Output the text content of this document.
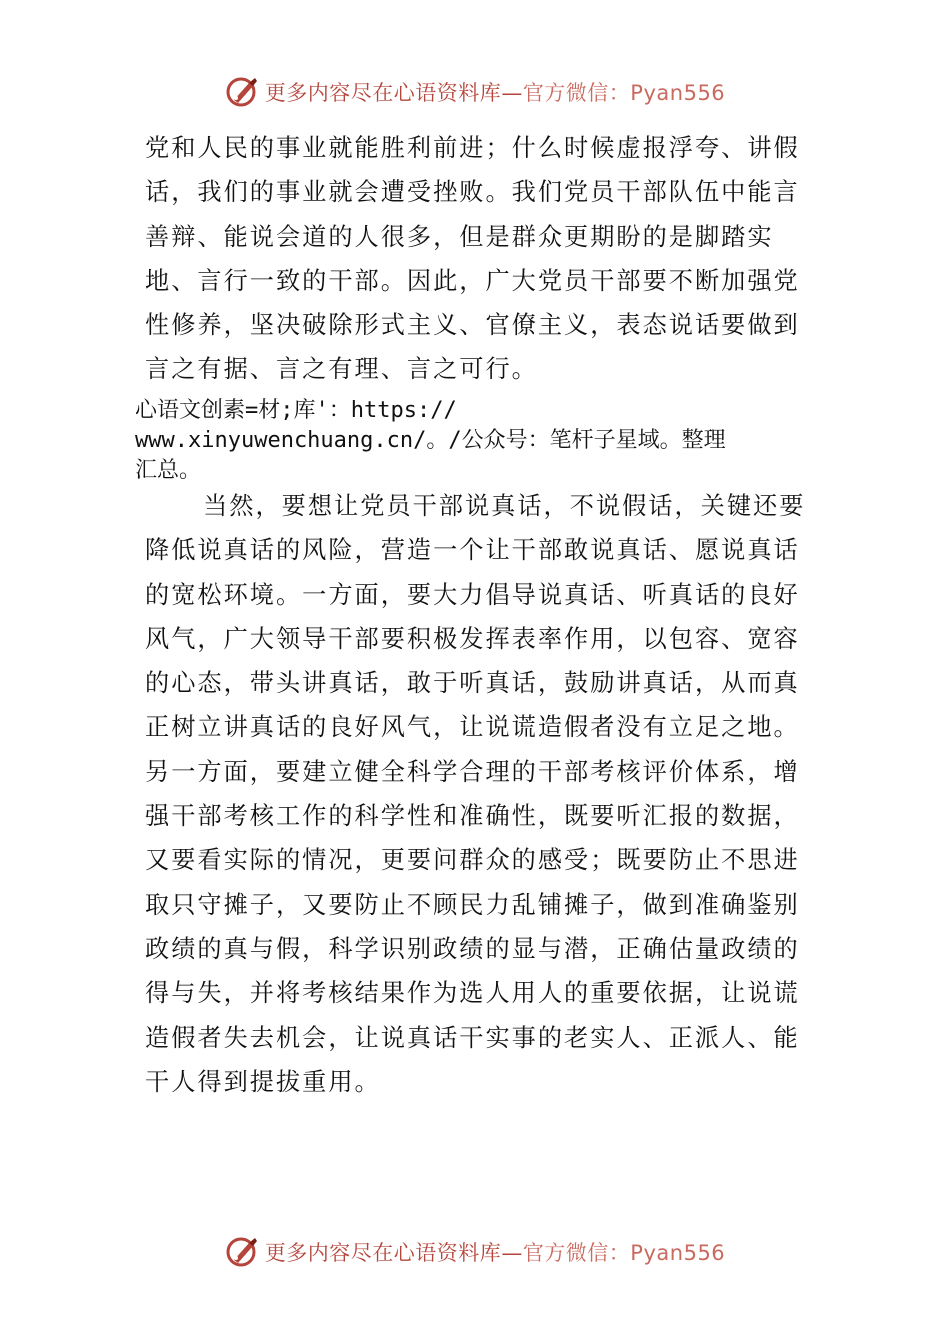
更多内容尽在心语资料库—官方微信：Pyan556
党和人民的事业就能胜利前进；什么时候虚报浮夸、讲假话，我们的事业就会遭受挫败。我们党员干部队伍中能言善辩、能说会道的人很多，但是群众更期盼的是脚踏实地、言行一致的干部。因此，广大党员干部要不断加强党性修养，坚决破除形式主义、官僚主义，表态说话要做到言之有据、言之有理、言之可行。
心语文创素=材;库'：https://
www.xinyuwenchuang.cn/。/公众号：笔杆子星域。整理
汇总。
当然，要想让党员干部说真话，不说假话，关键还要降低说真话的风险，营造一个让干部敢说真话、愿说真话的宽松环境。一方面，要大力倡导说真话、听真话的良好风气，广大领导干部要积极发挥表率作用，以包容、宽容的心态，带头讲真话，敢于听真话，鼓励讲真话，从而真正树立讲真话的良好风气，让说谎造假者没有立足之地。另一方面，要建立健全科学合理的干部考核评价体系，增强干部考核工作的科学性和准确性，既要听汇报的数据，又要看实际的情况，更要问群众的感受；既要防止不思进取只守摊子，又要防止不顾民力乱铺摊子，做到准确鉴别政绩的真与假，科学识别政绩的显与潜，正确估量政绩的得与失，并将考核结果作为选人用人的重要依据，让说谎造假者失去机会，让说真话干实事的老实人、正派人、能干人得到提拔重用。
更多内容尽在心语资料库—官方微信：Pyan556
